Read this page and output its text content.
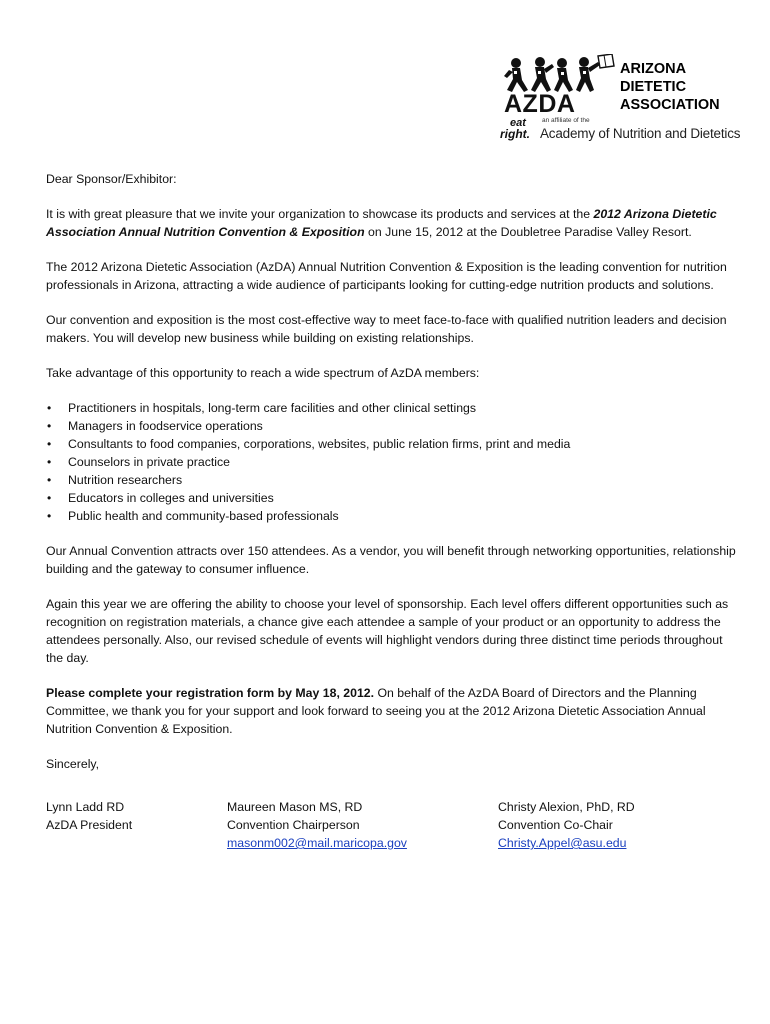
AZDA
ARIZONA
DIETETIC
ASSOCIATION
eat
right.
an affiliate of the
Academy of Nutrition and Dietetics

Dear Sponsor/Exhibitor:

It is with great pleasure that we invite your organization to showcase its products and services at the 2012 Arizona Dietetic Association Annual Nutrition Convention & Exposition on June 15, 2012 at the Doubletree Paradise Valley Resort.

The 2012 Arizona Dietetic Association (AzDA) Annual Nutrition Convention & Exposition is the leading convention for nutrition professionals in Arizona, attracting a wide audience of participants looking for cutting-edge nutrition products and solutions.

Our convention and exposition is the most cost-effective way to meet face-to-face with qualified nutrition leaders and decision makers. You will develop new business while building on existing relationships.

Take advantage of this opportunity to reach a wide spectrum of AzDA members:

• Practitioners in hospitals, long-term care facilities and other clinical settings
• Managers in foodservice operations
• Consultants to food companies, corporations, websites, public relation firms, print and media
• Counselors in private practice
• Nutrition researchers
• Educators in colleges and universities
• Public health and community-based professionals

Our Annual Convention attracts over 150 attendees. As a vendor, you will benefit through networking opportunities, relationship building and the gateway to consumer influence.

Again this year we are offering the ability to choose your level of sponsorship. Each level offers different opportunities such as recognition on registration materials, a chance give each attendee a sample of your product or an opportunity to address the attendees personally. Also, our revised schedule of events will highlight vendors during three distinct time periods throughout the day.

Please complete your registration form by May 18, 2012. On behalf of the AzDA Board of Directors and the Planning Committee, we thank you for your support and look forward to seeing you at the 2012 Arizona Dietetic Association Annual Nutrition Convention & Exposition.

Sincerely,

Lynn Ladd RD
AzDA President
Maureen Mason MS, RD
Convention Chairperson
masonm002@mail.maricopa.gov
Christy Alexion, PhD, RD
Convention Co-Chair
Christy.Appel@asu.edu
